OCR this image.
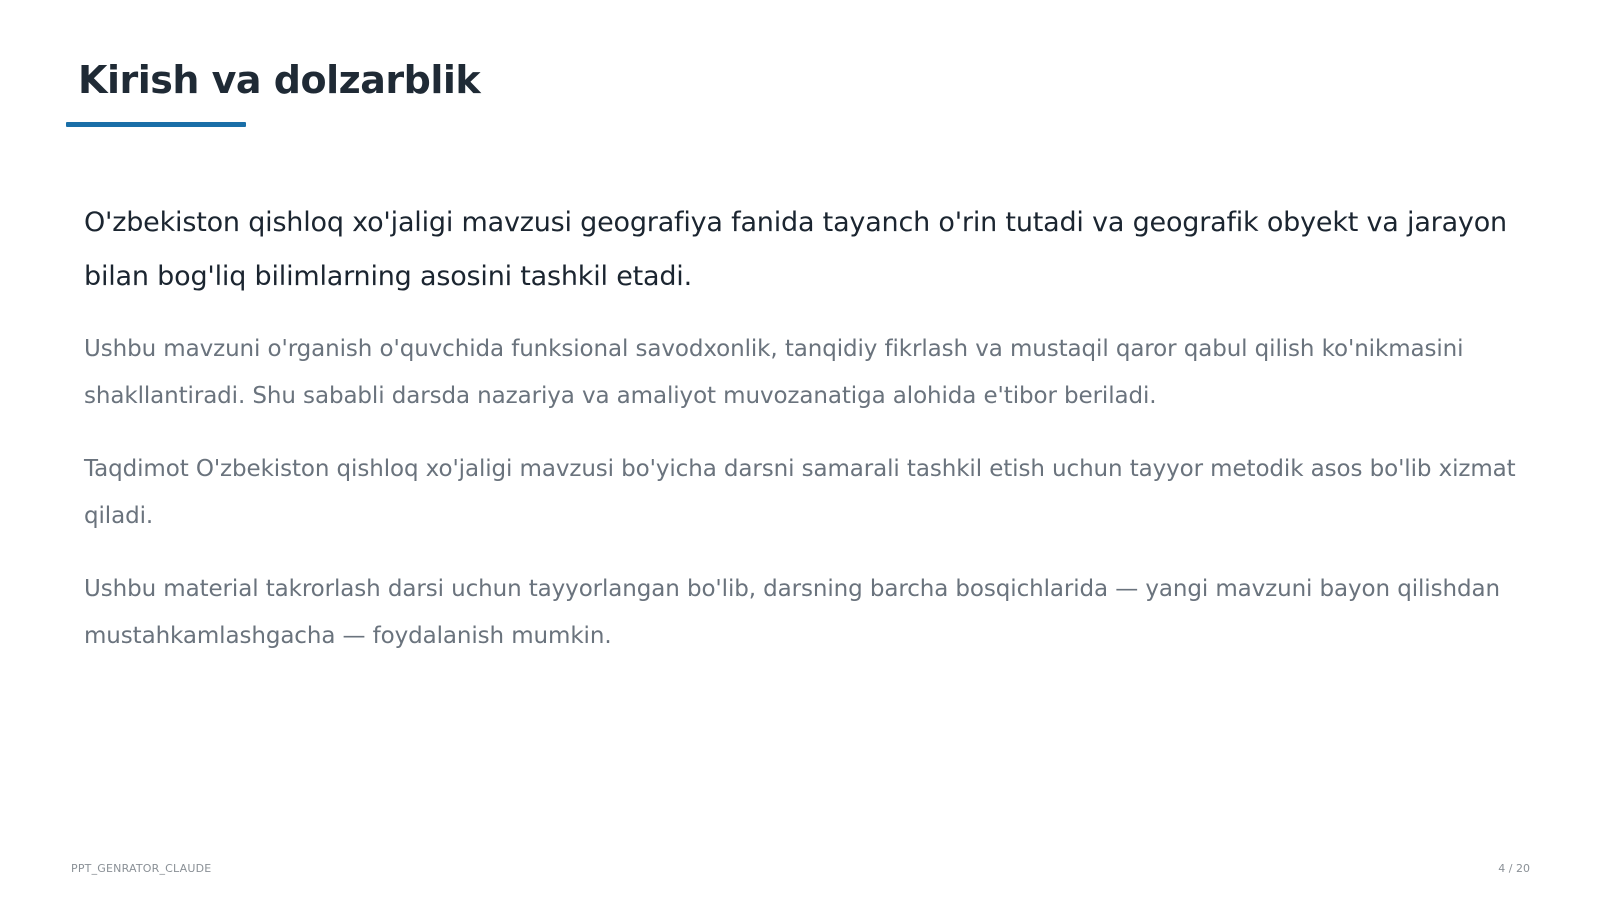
Kirish va dolzarblik

O'zbekiston qishloq xo'jaligi mavzusi geografiya fanida tayanch o'rin tutadi va geografik obyekt va jarayon bilan bog'liq bilimlarning asosini tashkil etadi.

Ushbu mavzuni o'rganish o'quvchida funksional savodxonlik, tanqidiy fikrlash va mustaqil qaror qabul qilish ko'nikmasini shakllantiradi. Shu sababli darsda nazariya va amaliyot muvozanatiga alohida e'tibor beriladi.

Taqdimot O'zbekiston qishloq xo'jaligi mavzusi bo'yicha darsni samarali tashkil etish uchun tayyor metodik asos bo'lib xizmat qiladi.

Ushbu material takrorlash darsi uchun tayyorlangan bo'lib, darsning barcha bosqichlarida — yangi mavzuni bayon qilishdan mustahkamlashgacha — foydalanish mumkin.

PPT_GENRATOR_CLAUDE	4 / 20
